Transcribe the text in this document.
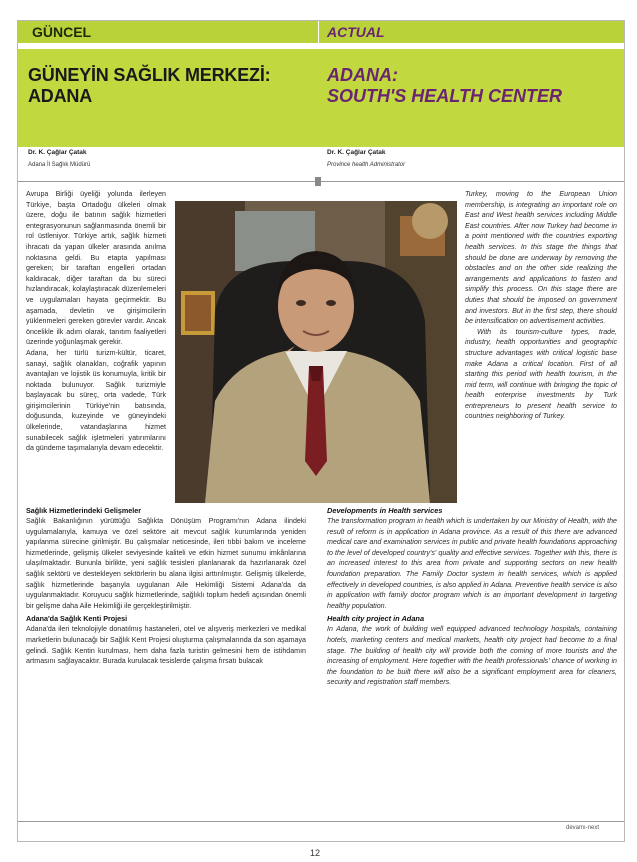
GÜNCEL	ACTUAL
GÜNEYİN SAĞLIK MERKEZİ: ADANA
ADANA:
SOUTH'S HEALTH CENTER
Dr. K. Çağlar Çatak
Adana İl Sağlık Müdürü
Dr. K. Çağlar Çatak
Province health Administrator

Avrupa Birliği üyeliği yolunda ilerleyen Türkiye, başta Ortadoğu ülkeleri olmak üzere, doğu ile batının sağlık hizmetleri entegrasyonunun sağlanmasında önemli bir rol üstleniyor. Türkiye artık, sağlık hizmeti ihracatı da yapan ülkeler arasında anılma noktasına geldi. Bu etapta yapılması gereken; bir taraftan engelleri ortadan kaldıracak, diğer taraftan da bu süreci hızlandıracak, kolaylaştıracak düzenlemeleri ve uygulamaları hayata geçirmektir. Bu aşamada, devletin ve girişimcilerin yüklenmeleri gereken görevler vardır. Ancak öncelikle ilk adım olarak, tanıtım faaliyetleri üzerinde yoğunlaşmak gerekir.

Adana, her türlü turizm-kültür, ticaret, sanayi, sağlık olanakları, coğrafik yapının avantajları ve lojistik üs konumuyla, kritik bir noktada bulunuyor. Sağlık turizmiyle başlayacak bu süreç, orta vadede, Türk girişimcilerinin Türkiye'nin batısında, doğusunda, kuzeyinde ve güneyindeki ülkelerinde, vatandaşlarına hizmet sunabilecek sağlık işletmeleri yatırımlarını da gündeme taşımalarıyla devam edecektir.

Turkey, moving to the European Union membership, is integrating an important role on East and West health services including Middle East countries. After now Turkey had become in a point mentioned with the countries exporting health services. In this stage the things that should be done are underway by removing the obstacles and on the other side realizing the arrangements and applications to fasten and simplify this process. On this stage there are duties that should be imposed on government and investors. But in the first step, there should be intensification on advertisement activities.

With its tourism-culture types, trade, industry, health opportunities and geographic structure advantages with critical logistic base make Adana a critical location. First of all starting this period with health tourism, in the mid term, will continue with bringing the topic of health enterprise investments by Turk entrepreneurs to present health service to countries neighboring of Turkey.

Sağlık Hizmetlerindeki Gelişmeler

Sağlık Bakanlığının yürüttüğü Sağlıkta Dönüşüm Programı'nın Adana ilindeki uygulamalarıyla, kamuya ve özel sektöre ait mevcut sağlık kurumlarında yeniden yapılanma sürecine girilmiştir. Bu çalışmalar neticesinde, ileri tıbbi bakım ve inceleme hizmetlerinde, gelişmiş ülkeler seviyesinde kaliteli ve etkin hizmet sunumu imkânlarına ulaşılmaktadır. Bununla birlikte, yeni sağlık tesisleri planlanarak da hazırlanarak özel sağlık sektörü ve destekleyen sektörlerin bu alana ilgisi arttırılmıştır. Gelişmiş ülkelerde, sağlık hizmetlerinde başarıyla uygulanan Aile Hekimliği Sistemi Adana'da da uygulanmaktadır. Koruyucu sağlık hizmetlerinde, sağlıklı toplum hedefi açısından önemli bir gelişme daha Aile Hekimliği ile gerçekleştirilmiştir.

Adana'da Sağlık Kenti Projesi

Adana'da ileri teknolojiyle donatılmış hastaneleri, otel ve alışveriş merkezleri ve medikal marketlerin bulunacağı bir Sağlık Kent Projesi oluşturma çalışmalarında da son aşamaya gelindi. Sağlık Kentin kurulması, hem daha fazla turistin gelmesini hem de istihdamın artmasını sağlayacaktır. Burada kurulacak tesislerde çalışma fırsatı bulacak

Developments in Health services

The transformation program in health which is undertaken by our Ministry of Health, with the result of reform is in application in Adana province. As a result of this there are advanced medical care and examination services in public and private health foundations approaching to the level of developed country's' quality and effective services. Together with this, there is an increased interest to this area from private and supporting sectors on new health foundation preparation. The Family Doctor system in health services, which is applied effectively in developed countries, is also applied in Adana. Preventive health service is also in application with family doctor program which is an important development in targeting healthy population.

Health city project in Adana

In Adana, the work of building well equipped advanced technology hospitals, containing hotels, marketing centers and medical markets, health city project had become to a final stage. The building of health city will provide both the coming of more tourists and the increasing of employment. Here together with the health professionals' chance of working in the foundation to be built there will also be a significant employment area for cleaners, security and registration staff members.

devamı-next
12
